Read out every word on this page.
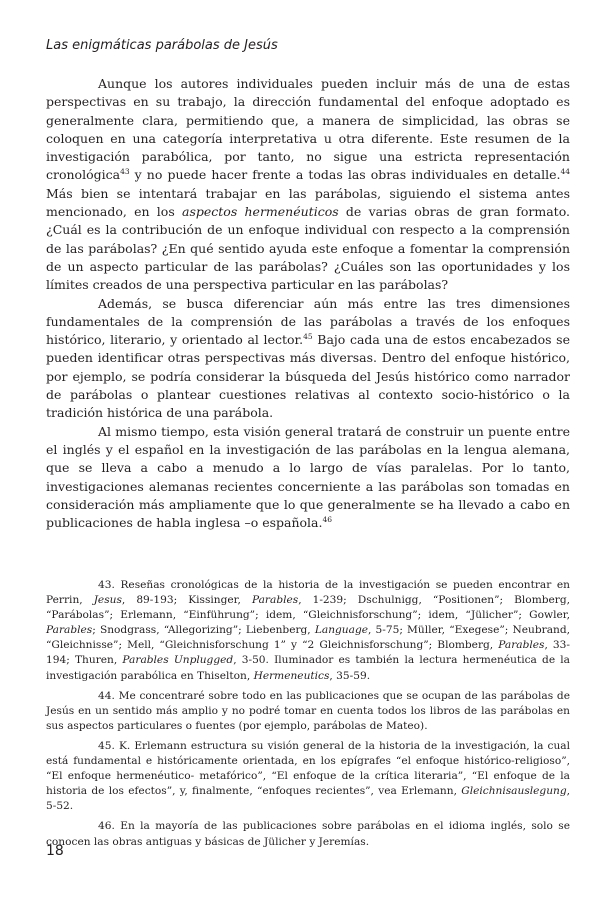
Las enigmáticas parábolas de Jesús

Aunque los autores individuales pueden incluir más de una de estas perspectivas en su trabajo, la dirección fundamental del enfoque adoptado es generalmente clara, permitiendo que, a manera de simplicidad, las obras se coloquen en una categoría interpretativa u otra diferente. Este resumen de la investigación parabólica, por tanto, no sigue una estricta representación cronológica$^{43}$ y no puede hacer frente a todas las obras individuales en detalle.$^{44}$ Más bien se intentará trabajar en las parábolas, siguiendo el sistema antes mencionado, en los aspectos hermenéuticos de varias obras de gran formato. ¿Cuál es la contribución de un enfoque individual con respecto a la comprensión de las parábolas? ¿En qué sentido ayuda este enfoque a fomentar la comprensión de un aspecto particular de las parábolas? ¿Cuáles son las oportunidades y los límites creados de una perspectiva particular en las parábolas?

Además, se busca diferenciar aún más entre las tres dimensiones fundamentales de la comprensión de las parábolas a través de los enfoques histórico, literario, y orientado al lector.$^{45}$ Bajo cada una de estos encabezados se pueden identificar otras perspectivas más diversas. Dentro del enfoque histórico, por ejemplo, se podría considerar la búsqueda del Jesús histórico como narrador de parábolas o plantear cuestiones relativas al contexto socio-histórico o la tradición histórica de una parábola.

Al mismo tiempo, esta visión general tratará de construir un puente entre el inglés y el español en la investigación de las parábolas en la lengua alemana, que se lleva a cabo a menudo a lo largo de vías paralelas. Por lo tanto, investigaciones alemanas recientes concerniente a las parábolas son tomadas en consideración más ampliamente que lo que generalmente se ha llevado a cabo en publicaciones de habla inglesa –o española.$^{46}$

43. Reseñas cronológicas de la historia de la investigación se pueden encontrar en Perrin, Jesus, 89-193; Kissinger, Parables, 1-239; Dschulnigg, “Positionen”; Blomberg, “Parábolas”; Erlemann, “Einführung”; idem, “Gleichnisforschung”; idem, “Jülicher”; Gowler, Parables; Snodgrass, “Allegorizing”; Liebenberg, Language, 5-75; Müller, “Exegese”; Neubrand, “Gleichnisse”; Mell, “Gleichnisforschung 1” y “2 Gleichnisforschung”; Blomberg, Parables, 33-194; Thuren, Parables Unplugged, 3-50. Iluminador es también la lectura hermenéutica de la investigación parabólica en Thiselton, Hermeneutics, 35-59.

44. Me concentraré sobre todo en las publicaciones que se ocupan de las parábolas de Jesús en un sentido más amplio y no podré tomar en cuenta todos los libros de las parábolas en sus aspectos particulares o fuentes (por ejemplo, parábolas de Mateo).

45. K. Erlemann estructura su visión general de la historia de la investigación, la cual está fundamental e históricamente orientada, en los epígrafes “el enfoque histórico-religioso”, “El enfoque hermenéutico- metafórico”, “El enfoque de la crítica literaria”, “El enfoque de la historia de los efectos”, y, finalmente, “enfoques recientes”, vea Erlemann, Gleichnisauslegung, 5-52.

46. En la mayoría de las publicaciones sobre parábolas en el idioma inglés, solo se conocen las obras antiguas y básicas de Jülicher y Jeremías.

18
